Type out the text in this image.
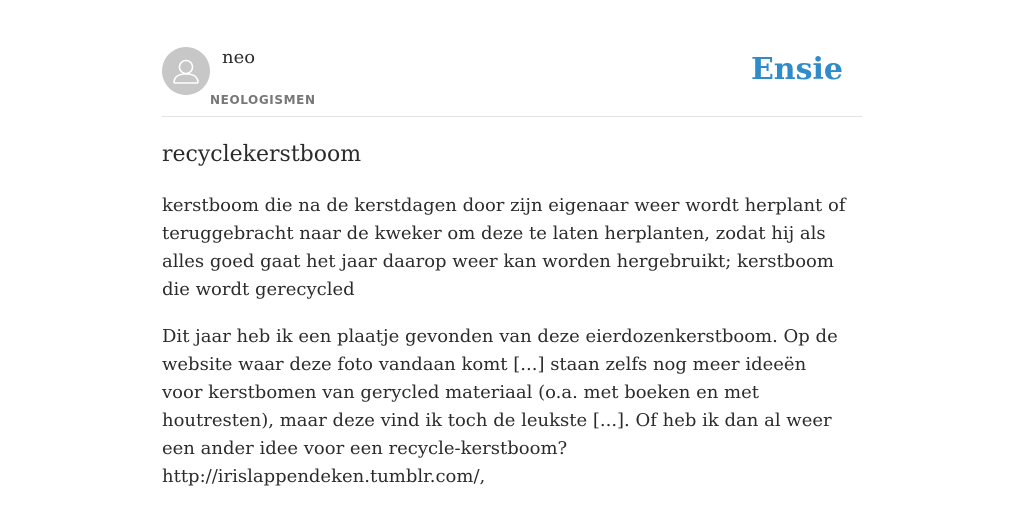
neo
NEOLOGISMEN
Ensie
recyclekerstboom

kerstboom die na de kerstdagen door zijn eigenaar weer wordt herplant of teruggebracht naar de kweker om deze te laten herplanten, zodat hij als alles goed gaat het jaar daarop weer kan worden hergebruikt; kerstboom die wordt gerecycled

Dit jaar heb ik een plaatje gevonden van deze eierdozenkerstboom. Op de website waar deze foto vandaan komt [...] staan zelfs nog meer ideeën voor kerstbomen van gerycled materiaal (o.a. met boeken en met houtresten), maar deze vind ik toch de leukste [...]. Of heb ik dan al weer een ander idee voor een recycle-kerstboom?
http://irislappendeken.tumblr.com/,
